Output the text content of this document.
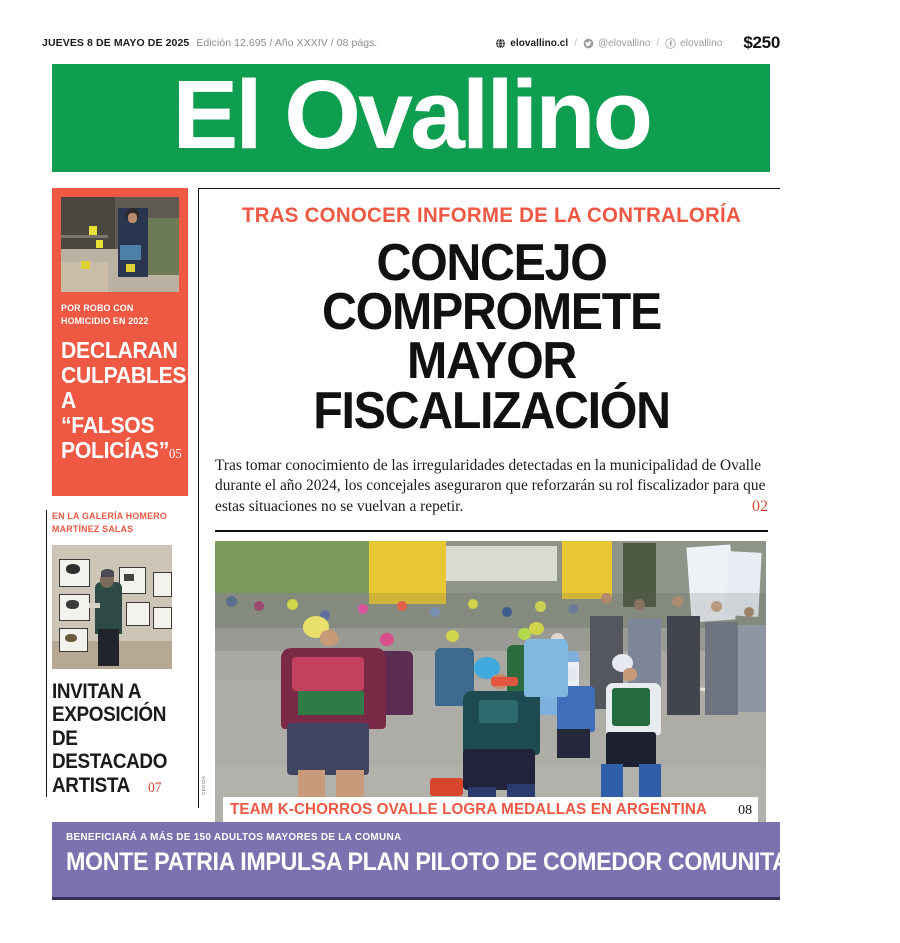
JUEVES 8 DE MAYO DE 2025 Edición 12.695 / Año XXXIV / 08 págs.	elovallino.cl / @elovallino / elovallino $250
El Ovallino
POR ROBO CON HOMICIDIO EN 2022
DECLARAN CULPABLES A “FALSOS POLICÍAS”05
EN LA GALERÍA HOMERO MARTÍNEZ SALAS
INVITAN A EXPOSICIÓN DE DESTACADO ARTISTA 07
TRAS CONOCER INFORME DE LA CONTRALORÍA
CONCEJO COMPROMETE
MAYOR FISCALIZACIÓN
Tras tomar conocimiento de las irregularidades detectadas en la municipalidad de Ovalle durante el año 2024, los concejales aseguraron que reforzarán su rol fiscalizador para que estas situaciones no se vuelvan a repetir.	02
CEDIDA
TEAM K-CHORROS OVALLE LOGRA MEDALLAS EN ARGENTINA 08
BENEFICIARÁ A MÁS DE 150 ADULTOS MAYORES DE LA COMUNA
MONTE PATRIA IMPULSA PLAN PILOTO DE COMEDOR COMUNITARIO
03
